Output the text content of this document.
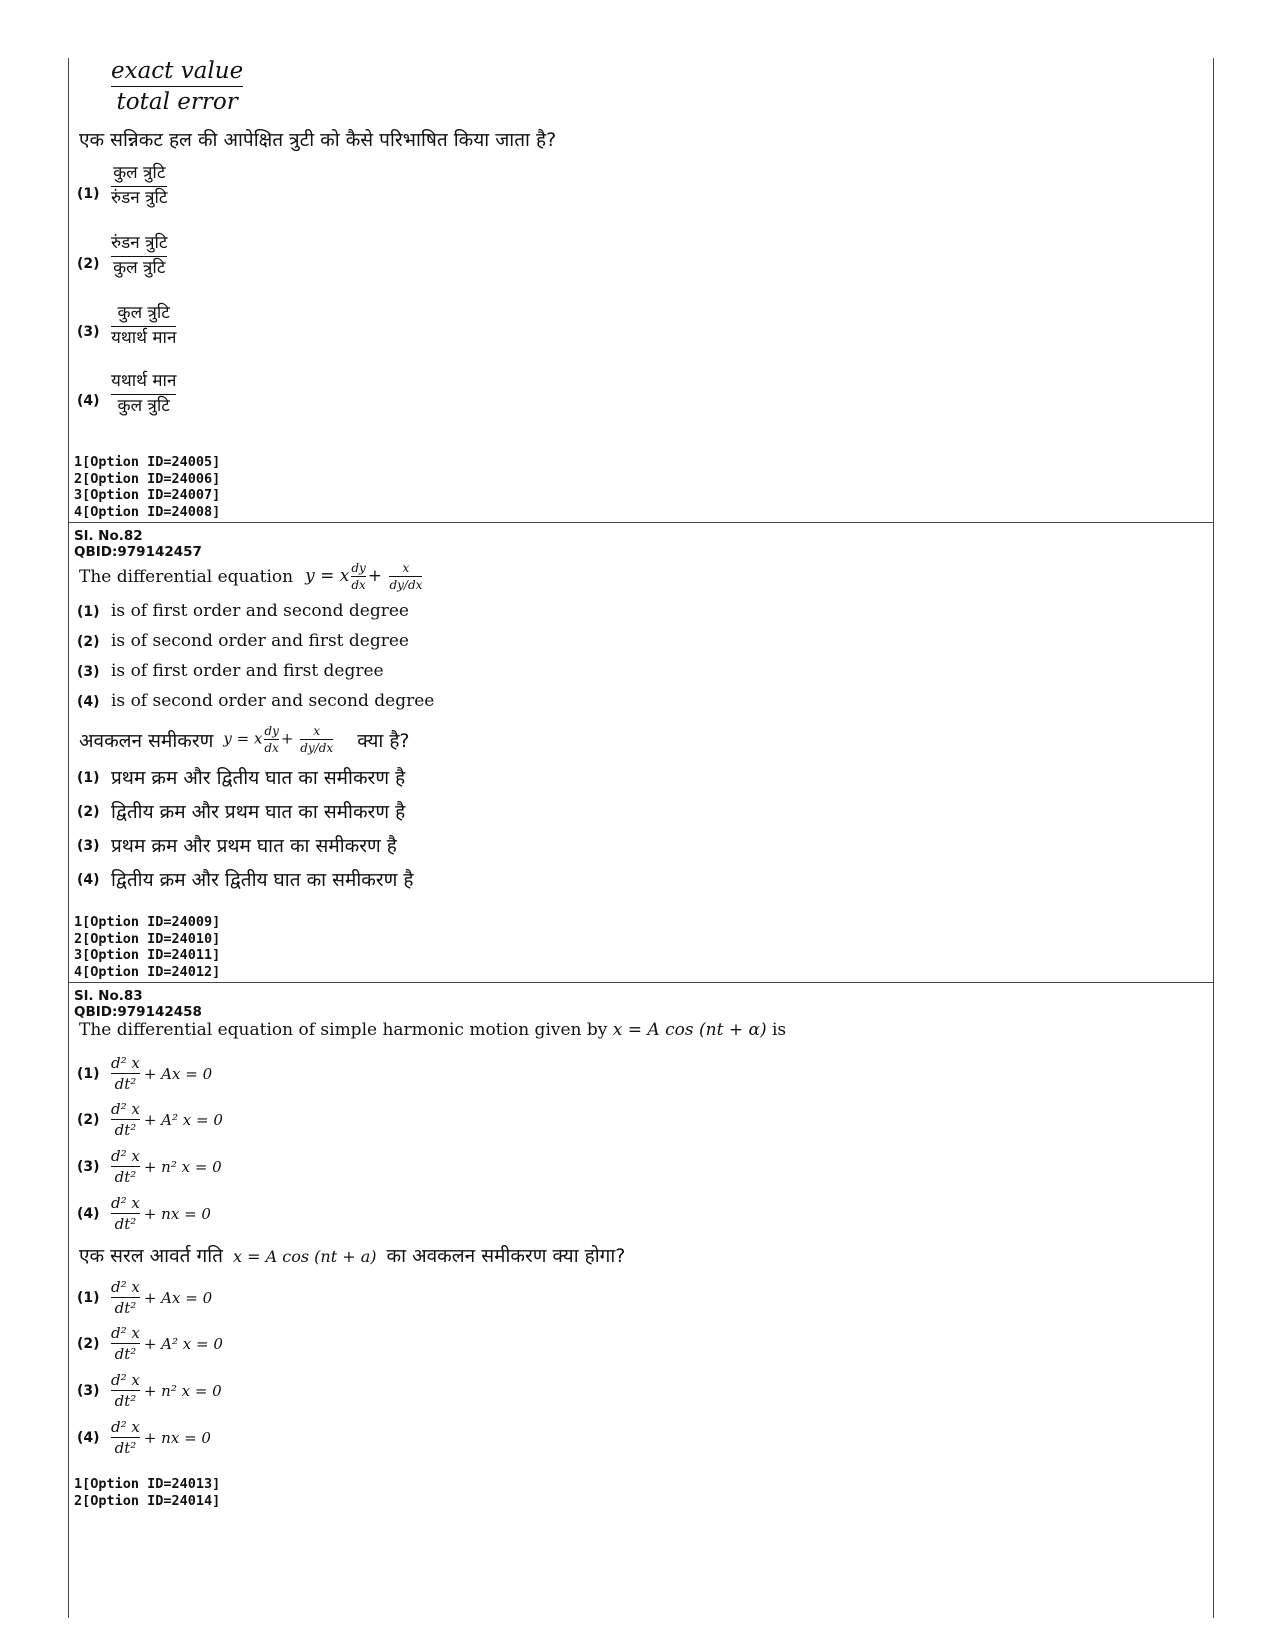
exact value
total error
एक सन्निकट हल की आपेक्षित त्रुटी को कैसे परिभाषित किया जाता है?
(1)
कुल त्रुटि
रुंडन त्रुटि
(2)
रुंडन त्रुटि
कुल त्रुटि
(3)
कुल त्रुटि
यथार्थ मान
(4)
यथार्थ मान
कुल त्रुटि
1[Option ID=24005]
2[Option ID=24006]
3[Option ID=24007]
4[Option ID=24008]
Sl. No.82
QBID:979142457
The differential equation y = x $\frac{dy}{dx} + \frac{x}{dy/dx}$
(1) is of first order and second degree
(2) is of second order and first degree
(3) is of first order and first degree
(4) is of second order and second degree
अवकलन समीकरण y = x $\frac{dy}{dx} + \frac{x}{dy/dx}$ क्या है?
(1) प्रथम क्रम और द्वितीय घात का समीकरण है
(2) द्वितीय क्रम और प्रथम घात का समीकरण है
(3) प्रथम क्रम और प्रथम घात का समीकरण है
(4) द्वितीय क्रम और द्वितीय घात का समीकरण है
1[Option ID=24009]
2[Option ID=24010]
3[Option ID=24011]
4[Option ID=24012]
Sl. No.83
QBID:979142458
The differential equation of simple harmonic motion given by x = A cos (nt + α) is
(1)
d² x
dt²
+ Ax = 0
(2)
d² x
dt²
+ A² x = 0
(3)
d² x
dt²
+ n² x = 0
(4)
d² x
dt²
+ nx = 0
एक सरल आवर्त गति x = A cos (nt + a) का अवकलन समीकरण क्या होगा?
(1)
d² x
dt²
+ Ax = 0
(2)
d² x
dt²
+ A² x = 0
(3)
d² x
dt²
+ n² x = 0
(4)
d² x
dt²
+ nx = 0
1[Option ID=24013]
2[Option ID=24014]
